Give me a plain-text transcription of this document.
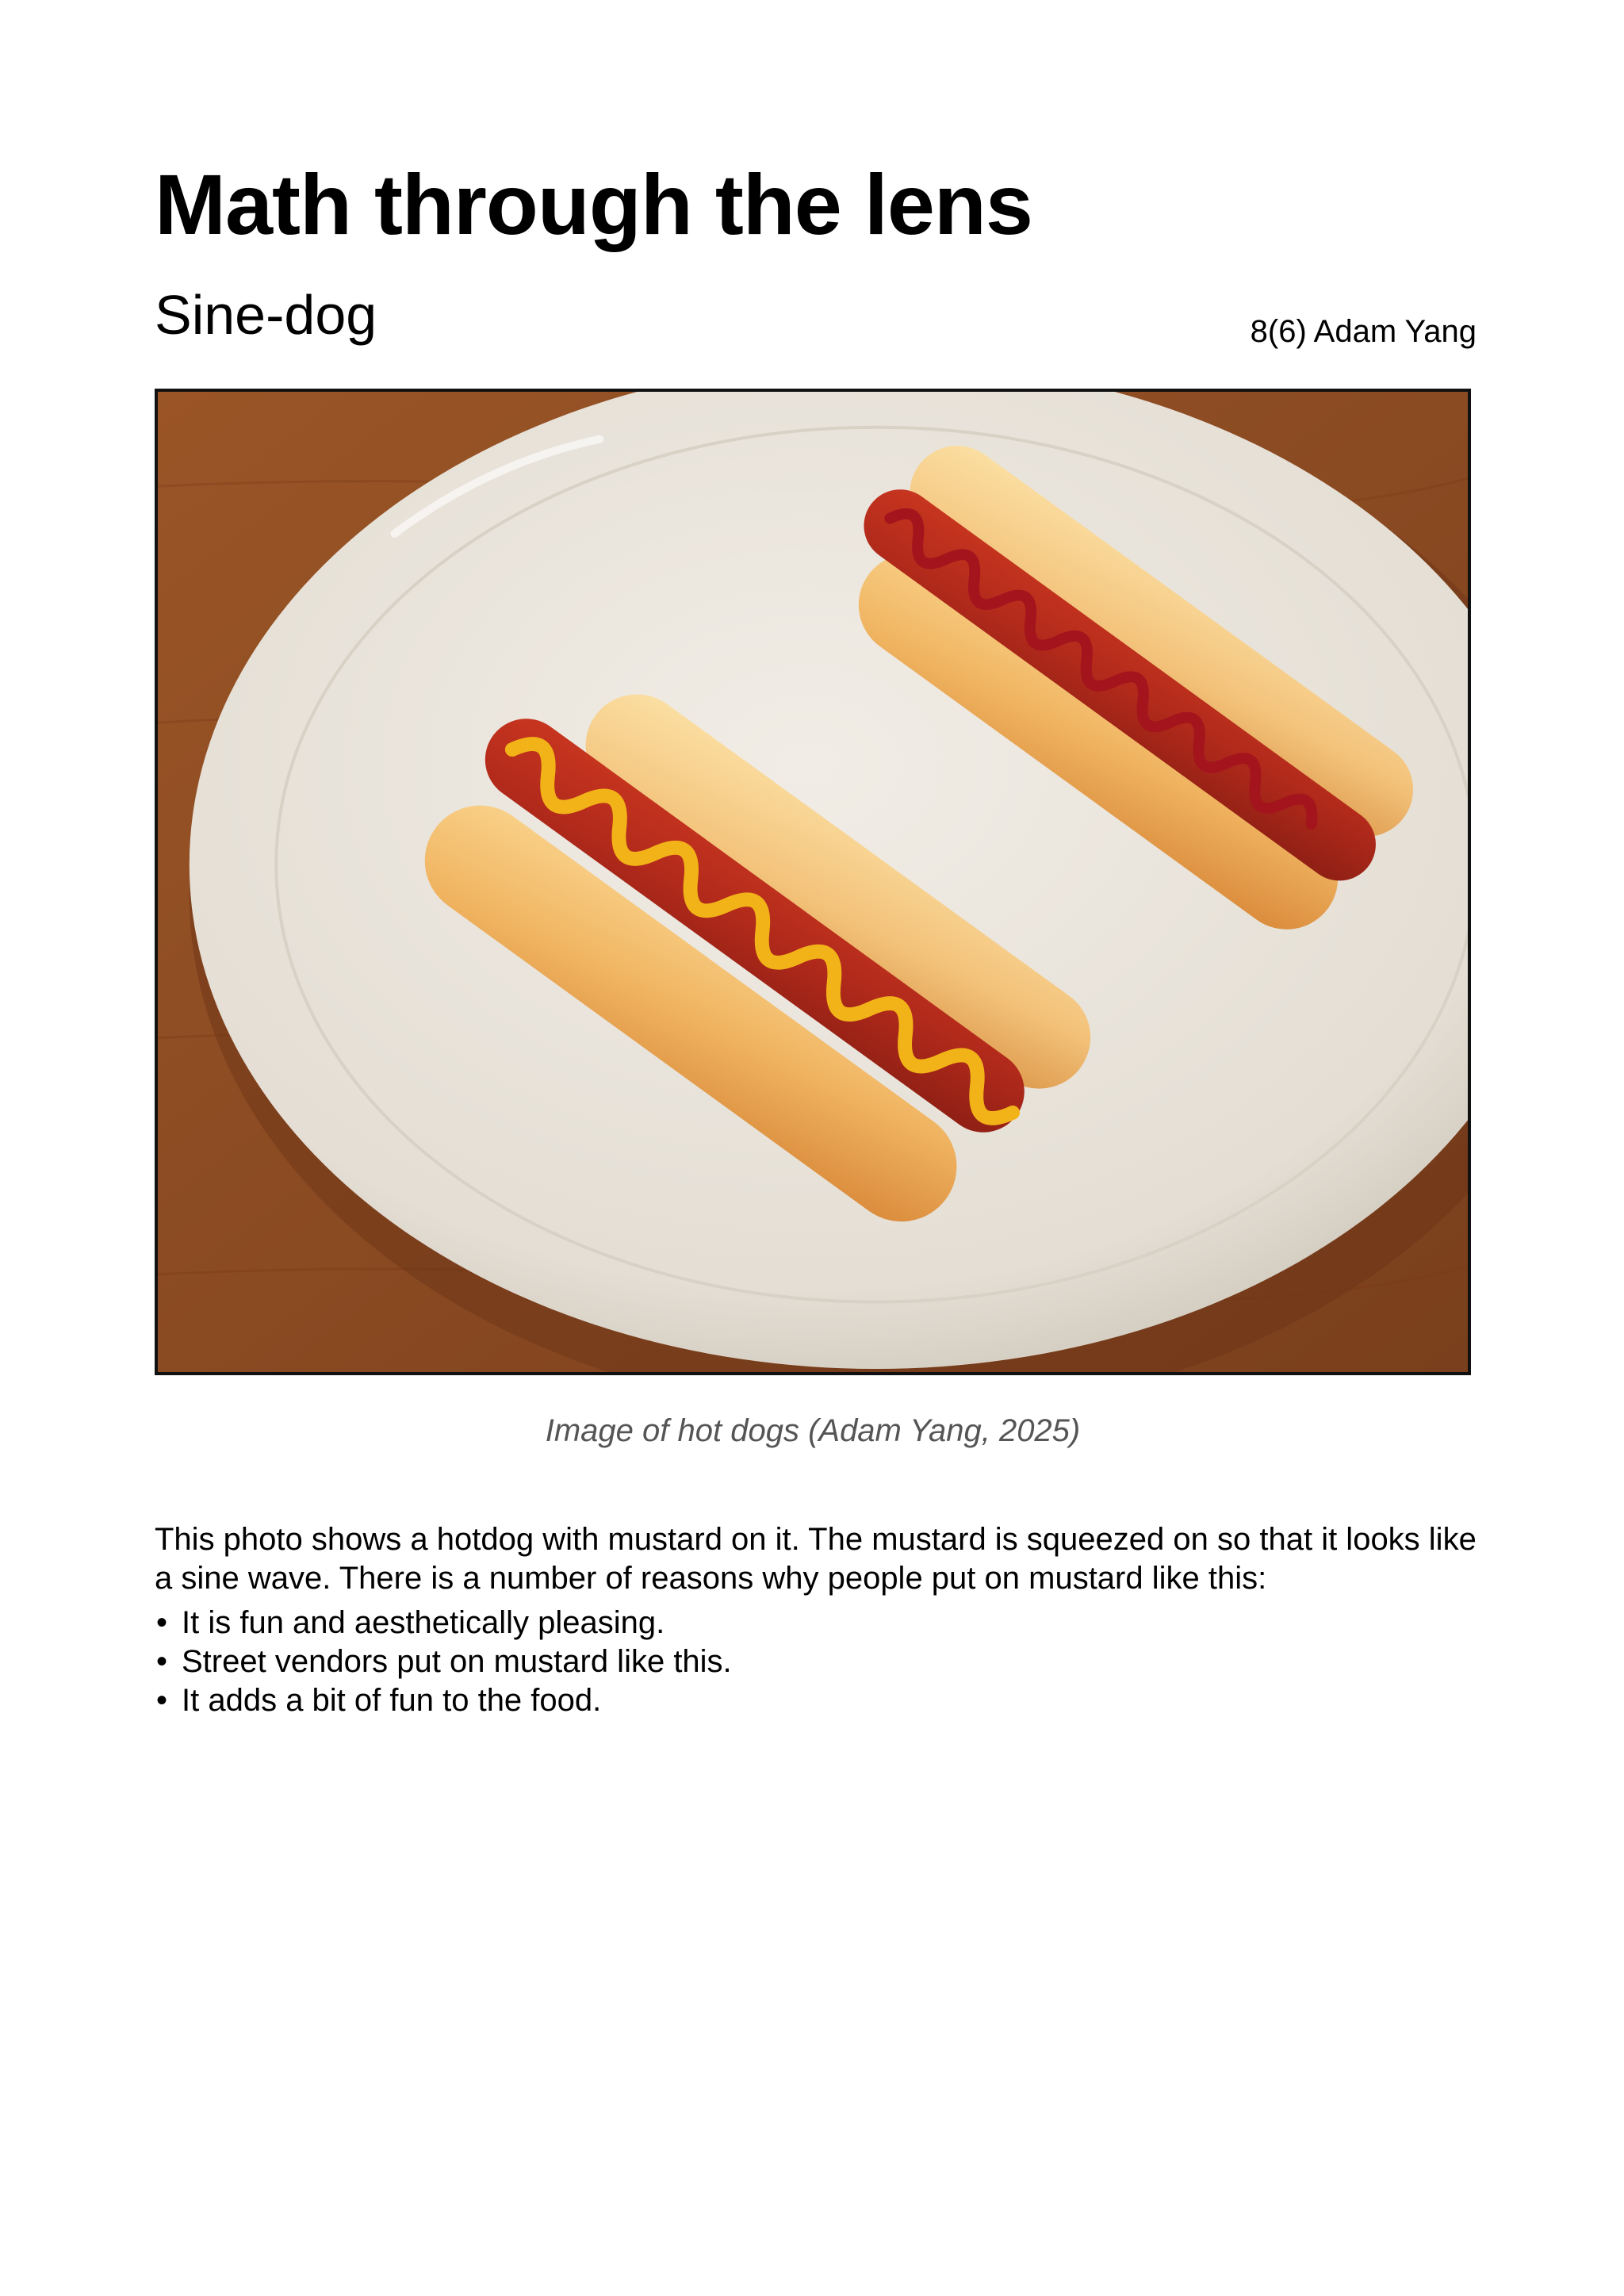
Math through the lens
Sine-dog	8(6) Adam Yang
Image of hot dogs (Adam Yang, 2025)

This photo shows a hotdog with mustard on it. The mustard is squeezed on so that it looks like a sine wave. There is a number of reasons why people put on mustard like this:

• It is fun and aesthetically pleasing.
• Street vendors put on mustard like this.
• It adds a bit of fun to the food.
